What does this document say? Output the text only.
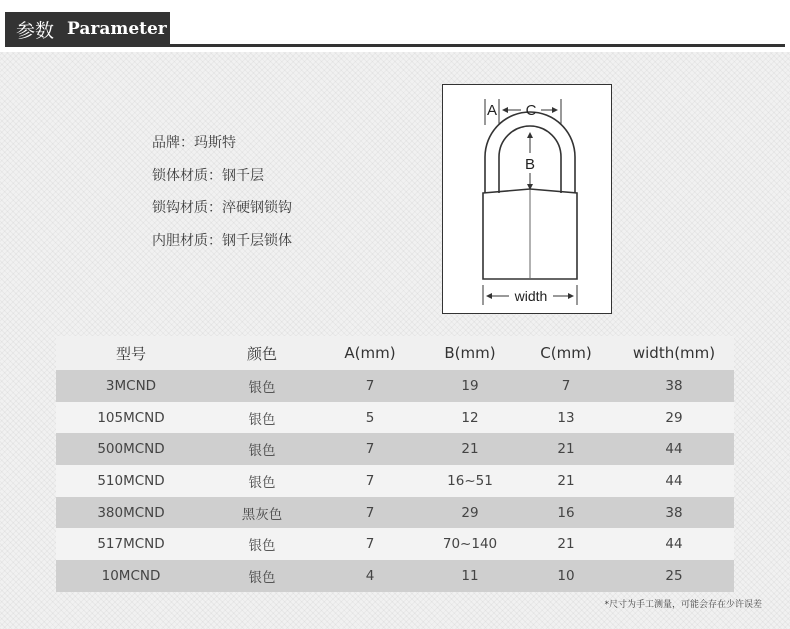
参数 Parameter
品牌 ： 玛斯特
锁体材质 ： 钢千层
锁钩材质 ： 淬硬钢锁钩
内胆材质 ： 钢千层锁体
A C
B
width
型号	颜色	A(mm)	B(mm)	C(mm)	width(mm)
3MCND	银色	7	19	7	38
105MCND	银色	5	12	13	29
500MCND	银色	7	21	21	44
510MCND	银色	7	16~51	21	44
380MCND	黑灰色	7	29	16	38
517MCND	银色	7	70~140	21	44
10MCND	银色	4	11	10	25
*尺寸为手工测量，可能会存在少许误差
